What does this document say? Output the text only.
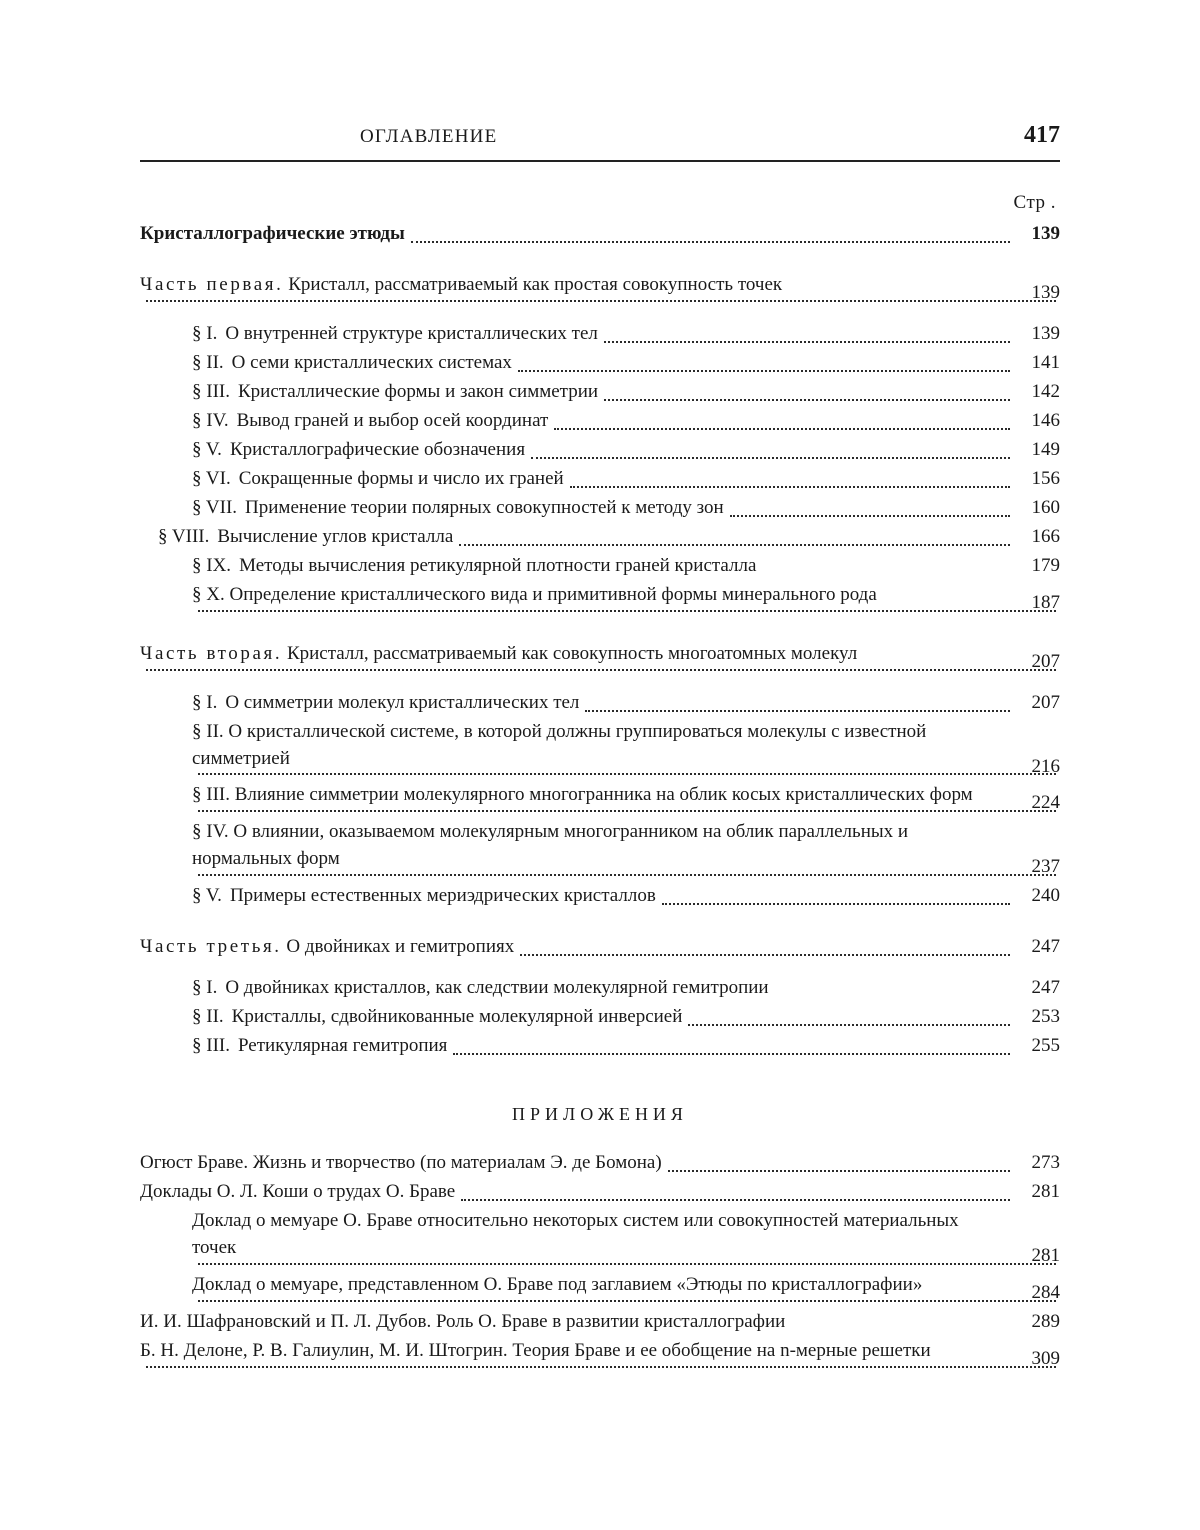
ОГЛАВЛЕНИЕ	417
Стр .
Кристаллографические этюды	139
Часть первая. Кристалл, рассматриваемый как простая совокупность точек	139
§ I. О внутренней структуре кристаллических тел	139
§ II. О семи кристаллических системах	141
§ III. Кристаллические формы и закон симметрии	142
§ IV. Вывод граней и выбор осей координат	146
§ V. Кристаллографические обозначения	149
§ VI. Сокращенные формы и число их граней	156
§ VII. Применение теории полярных совокупностей к методу зон	160
§ VIII. Вычисление углов кристалла	166
§ IX. Методы вычисления ретикулярной плотности граней кристалла	179
§ X. Определение кристаллического вида и примитивной формы минерального рода	187
Часть вторая. Кристалл, рассматриваемый как совокупность многоатомных молекул	207
§ I. О симметрии молекул кристаллических тел	207
§ II. О кристаллической системе, в которой должны группироваться молекулы с известной симметрией	216
§ III. Влияние симметрии молекулярного многогранника на облик косых кристаллических форм	224
§ IV. О влиянии, оказываемом молекулярным многогранником на облик параллельных и нормальных форм	237
§ V. Примеры естественных мериэдрических кристаллов	240
Часть третья. О двойниках и гемитропиях	247
§ I. О двойниках кристаллов, как следствии молекулярной гемитропии	247
§ II. Кристаллы, сдвойникованные молекулярной инверсией	253
§ III. Ретикулярная гемитропия	255
ПРИЛОЖЕНИЯ
Огюст Браве. Жизнь и творчество (по материалам Э. де Бомона)	273
Доклады О. Л. Коши о трудах О. Браве	281
Доклад о мемуаре О. Браве относительно некоторых систем или совокупностей материальных точек	281
Доклад о мемуаре, представленном О. Браве под заглавием «Этюды по кристаллографии»	284
И. И. Шафрановский и П. Л. Дубов. Роль О. Браве в развитии кристаллографии	289
Б. Н. Делоне, Р. В. Галиулин, М. И. Штогрин. Теория Браве и ее обобщение на n-мерные решетки	309
